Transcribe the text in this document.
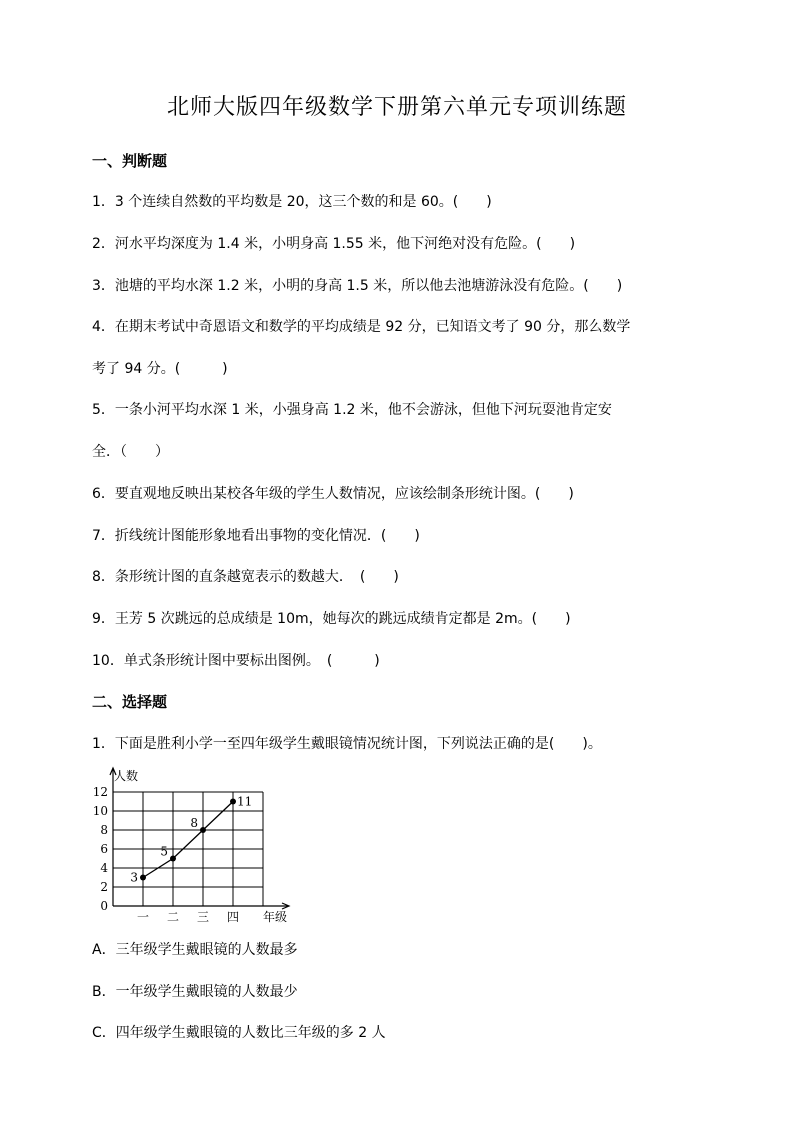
北师大版四年级数学下册第六单元专项训练题
一、判断题
1．3 个连续自然数的平均数是 20，这三个数的和是 60。(　　)
2．河水平均深度为 1.4 米，小明身高 1.55 米，他下河绝对没有危险。(　　)
3．池塘的平均水深 1.2 米，小明的身高 1.5 米，所以他去池塘游泳没有危险。(　　)
4．在期末考试中奇恩语文和数学的平均成绩是 92 分，已知语文考了 90 分，那么数学
考了 94 分。(　　　)
5．一条小河平均水深 1 米，小强身高 1.2 米，他不会游泳，但他下河玩耍池肯定安
全．（　　）
6．要直观地反映出某校各年级的学生人数情况，应该绘制条形统计图。(　　)
7．折线统计图能形象地看出事物的变化情况．(　　)
8．条形统计图的直条越宽表示的数越大．　(　　)
9．王芳 5 次跳远的总成绩是 10m，她每次的跳远成绩肯定都是 2m。(　　)
10．单式条形统计图中要标出图例。　(　　　)
二、选择题
1．下面是胜利小学一至四年级学生戴眼镜情况统计图，下列说法正确的是(　　)。
0
2
4
6
8
10
12
一 二 三 四
3
5
8
11
人数
年级
A．三年级学生戴眼镜的人数最多
B．一年级学生戴眼镜的人数最少
C．四年级学生戴眼镜的人数比三年级的多 2 人
